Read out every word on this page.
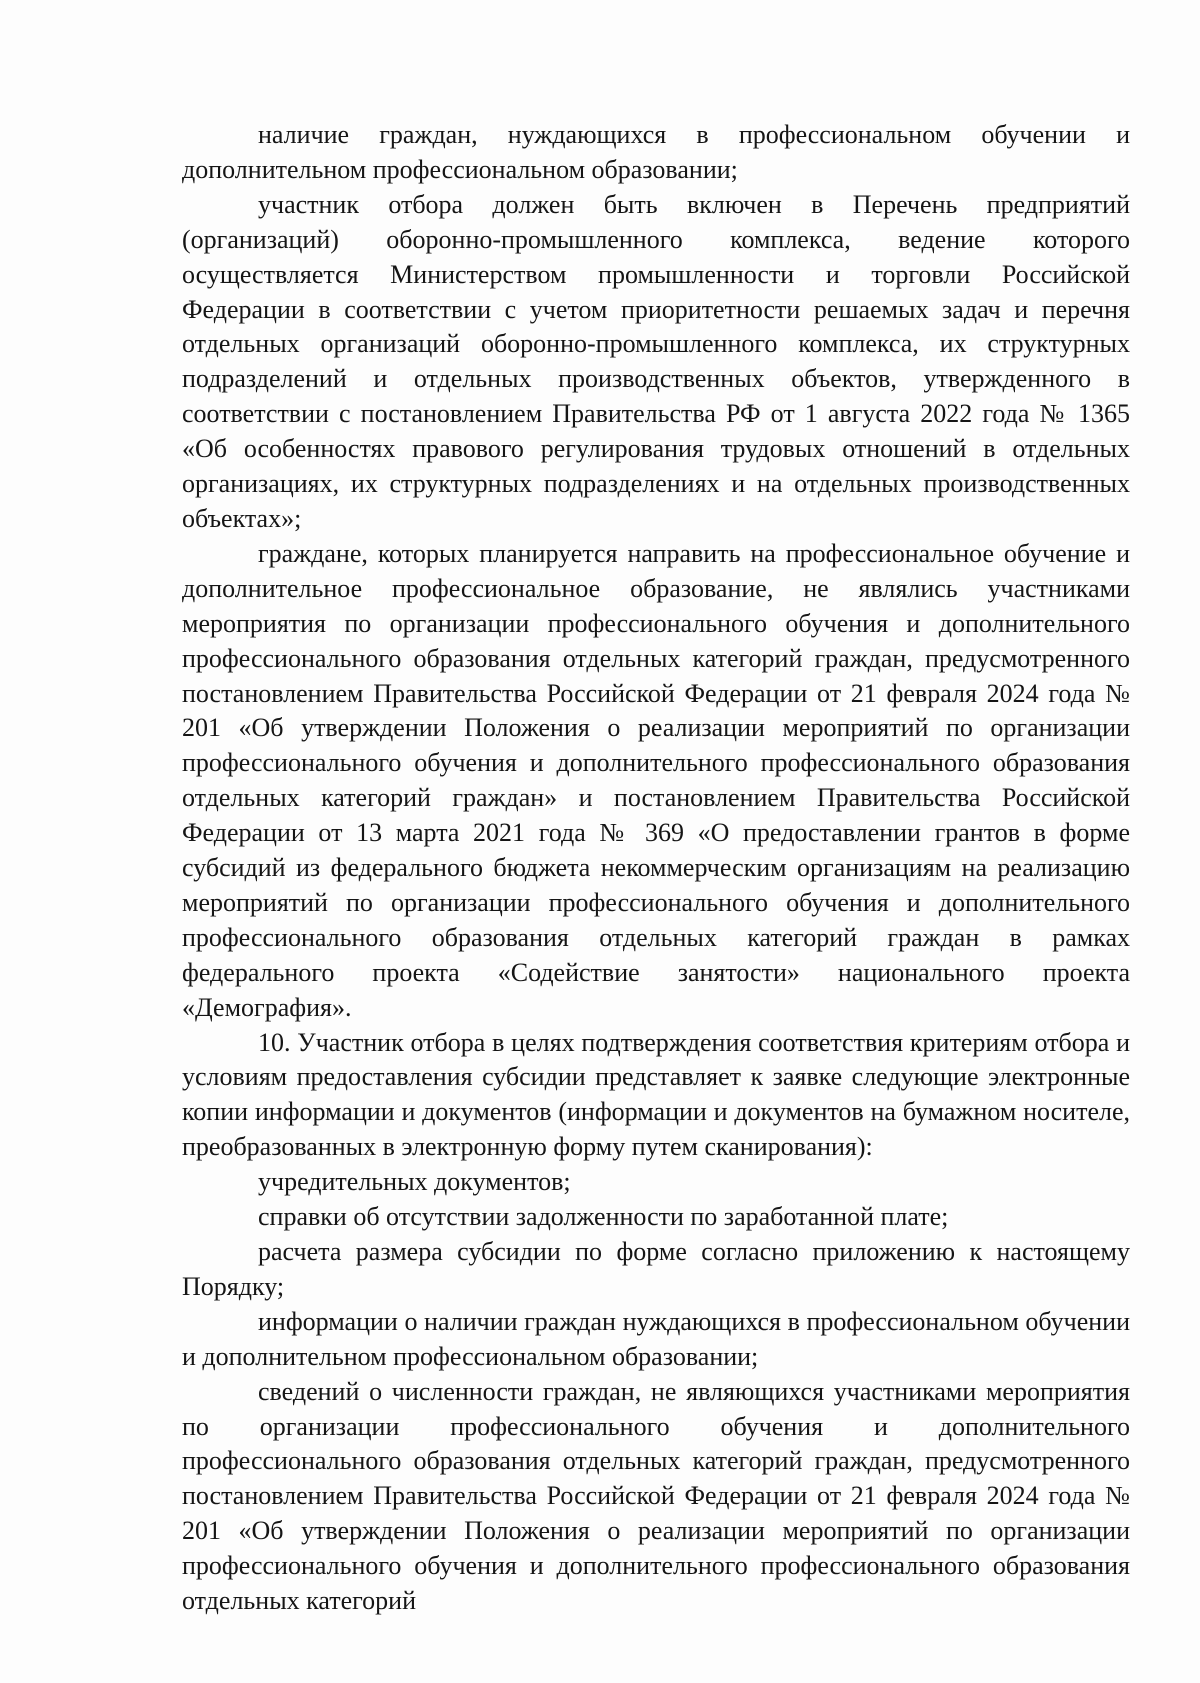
наличие граждан, нуждающихся в профессиональном обучении и дополнительном профессиональном образовании;

участник отбора должен быть включен в Перечень предприятий (организаций) оборонно-промышленного комплекса, ведение которого осуществляется Министерством промышленности и торговли Российской Федерации в соответствии с учетом приоритетности решаемых задач и перечня отдельных организаций оборонно-промышленного комплекса, их структурных подразделений и отдельных производственных объектов, утвержденного в соответствии с постановлением Правительства РФ от 1 августа 2022 года № 1365 «Об особенностях правового регулирования трудовых отношений в отдельных организациях, их структурных подразделениях и на отдельных производственных объектах»;

граждане, которых планируется направить на профессиональное обучение и дополнительное профессиональное образование, не являлись участниками мероприятия по организации профессионального обучения и дополнительного профессионального образования отдельных категорий граждан, предусмотренного постановлением Правительства Российской Федерации от 21 февраля 2024 года № 201 «Об утверждении Положения о реализации мероприятий по организации профессионального обучения и дополнительного профессионального образования отдельных категорий граждан» и постановлением Правительства Российской Федерации от 13 марта 2021 года № 369 «О предоставлении грантов в форме субсидий из федерального бюджета некоммерческим организациям на реализацию мероприятий по организации профессионального обучения и дополнительного профессионального образования отдельных категорий граждан в рамках федерального проекта «Содействие занятости» национального проекта «Демография».

10. Участник отбора в целях подтверждения соответствия критериям отбора и условиям предоставления субсидии представляет к заявке следующие электронные копии информации и документов (информации и документов на бумажном носителе, преобразованных в электронную форму путем сканирования):

учредительных документов;

справки об отсутствии задолженности по заработанной плате;

расчета размера субсидии по форме согласно приложению к настоящему Порядку;

информации о наличии граждан нуждающихся в профессиональном обучении и дополнительном профессиональном образовании;

сведений о численности граждан, не являющихся участниками мероприятия по организации профессионального обучения и дополнительного профессионального образования отдельных категорий граждан, предусмотренного постановлением Правительства Российской Федерации от 21 февраля 2024 года № 201 «Об утверждении Положения о реализации мероприятий по организации профессионального обучения и дополнительного профессионального образования отдельных категорий
